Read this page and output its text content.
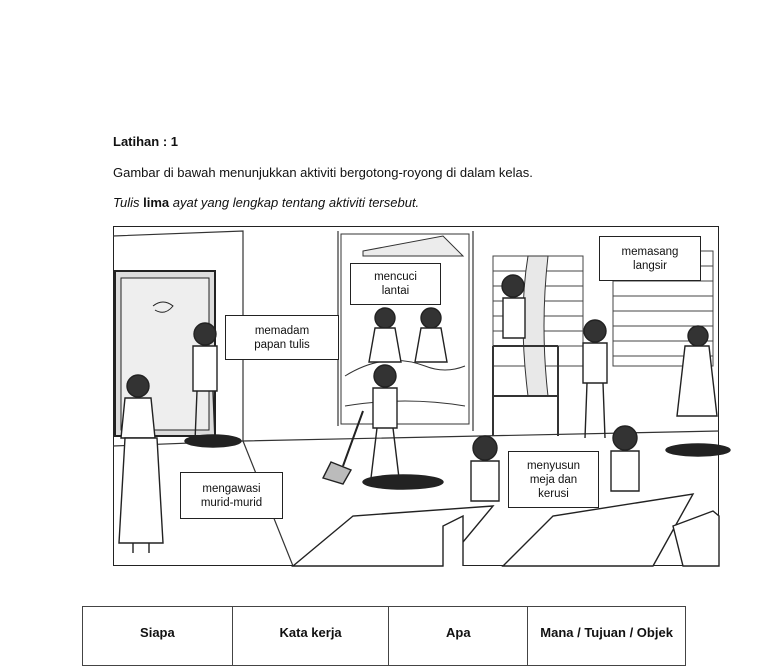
Latihan : 1

Gambar di bawah menunjukkan aktiviti bergotong-royong di dalam kelas.

Tulis lima ayat yang lengkap tentang aktiviti tersebut.

memasang
langsir
mencuci
lantai
memadam
papan tulis
menyusun
meja dan
kerusi
mengawasi
murid-murid
Siapa	Kata kerja	Apa	Mana / Tujuan / Objek
